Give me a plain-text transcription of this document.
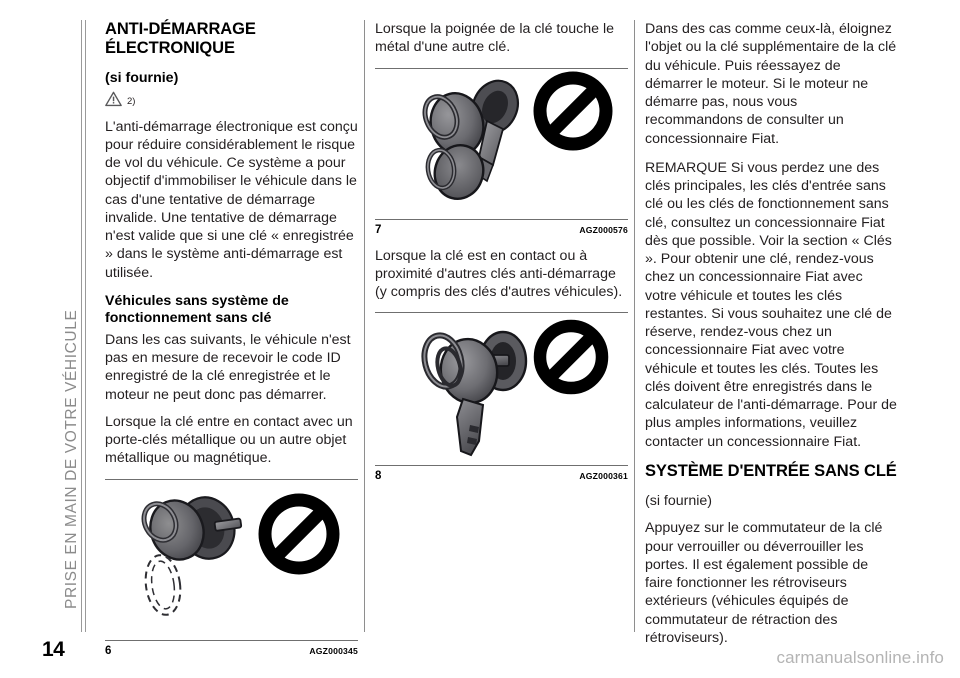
PRISE EN MAIN DE VOTRE VÉHICULE
ANTI-DÉMARRAGE ÉLECTRONIQUE
(si fournie)
2)

L'anti-démarrage électronique est conçu pour réduire considérablement le risque de vol du véhicule. Ce système a pour objectif d'immobiliser le véhicule dans le cas d'une tentative de démarrage invalide. Une tentative de démarrage n'est valide que si une clé « enregistrée » dans le système anti-démarrage est utilisée.

Véhicules sans système de fonctionnement sans clé

Dans les cas suivants, le véhicule n'est pas en mesure de recevoir le code ID enregistré de la clé enregistrée et le moteur ne peut donc pas démarrer.

Lorsque la clé entre en contact avec un porte-clés métallique ou un autre objet métallique ou magnétique.

6	AGZ000345

Lorsque la poignée de la clé touche le métal d'une autre clé.

7	AGZ000576

Lorsque la clé est en contact ou à proximité d'autres clés anti-démarrage (y compris des clés d'autres véhicules).

8	AGZ000361

Dans des cas comme ceux-là, éloignez l'objet ou la clé supplémentaire de la clé du véhicule. Puis réessayez de démarrer le moteur. Si le moteur ne démarre pas, nous vous recommandons de consulter un concessionnaire Fiat.

REMARQUE Si vous perdez une des clés principales, les clés d'entrée sans clé ou les clés de fonctionnement sans clé, consultez un concessionnaire Fiat dès que possible. Voir la section « Clés ». Pour obtenir une clé, rendez-vous chez un concessionnaire Fiat avec votre véhicule et toutes les clés restantes. Si vous souhaitez une clé de réserve, rendez-vous chez un concessionnaire Fiat avec votre véhicule et toutes les clés. Toutes les clés doivent être enregistrés dans le calculateur de l'anti-démarrage. Pour de plus amples informations, veuillez contacter un concessionnaire Fiat.

SYSTÈME D'ENTRÉE SANS CLÉ

(si fournie)

Appuyez sur le commutateur de la clé pour verrouiller ou déverrouiller les portes. Il est également possible de faire fonctionner les rétroviseurs extérieurs (véhicules équipés de commutateur de rétraction des rétroviseurs).

14	carmanualsonline.info
